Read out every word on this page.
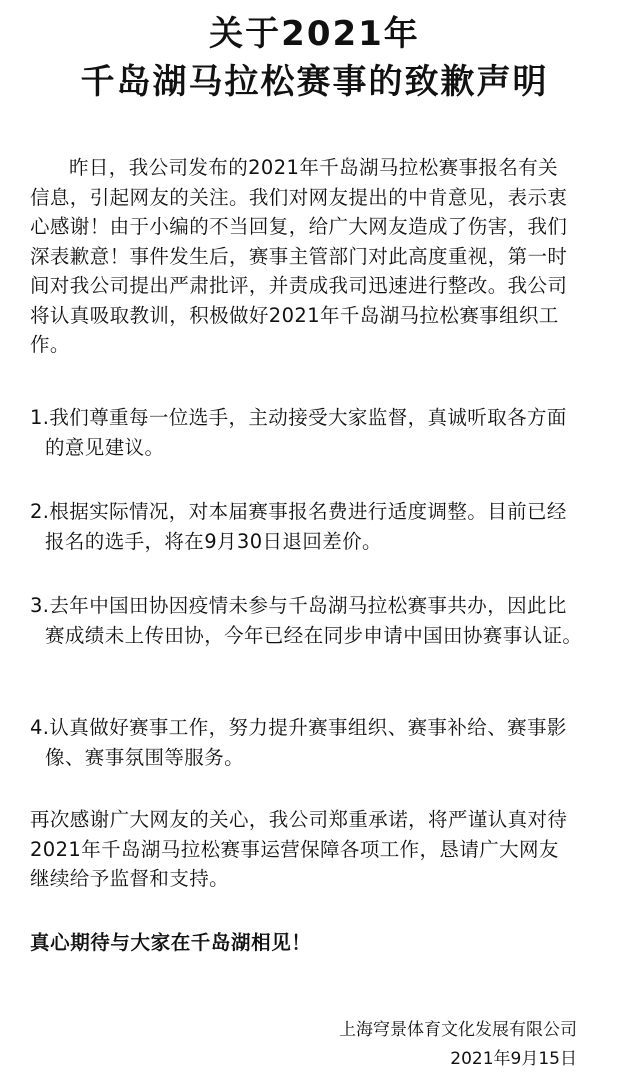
关于2021年
千岛湖马拉松赛事的致歉声明

昨日，我公司发布的2021年千岛湖马拉松赛事报名有关信息，引起网友的关注。我们对网友提出的中肯意见，表示衷心感谢！由于小编的不当回复，给广大网友造成了伤害，我们深表歉意！事件发生后，赛事主管部门对此高度重视，第一时间对我公司提出严肃批评，并责成我司迅速进行整改。我公司将认真吸取教训，积极做好2021年千岛湖马拉松赛事组织工作。

1.我们尊重每一位选手，主动接受大家监督，真诚听取各方面的意见建议。

2.根据实际情况，对本届赛事报名费进行适度调整。目前已经报名的选手，将在9月30日退回差价。

3.去年中国田协因疫情未参与千岛湖马拉松赛事共办，因此比赛成绩未上传田协，今年已经在同步申请中国田协赛事认证。

4.认真做好赛事工作，努力提升赛事组织、赛事补给、赛事影像、赛事氛围等服务。

再次感谢广大网友的关心，我公司郑重承诺，将严谨认真对待2021年千岛湖马拉松赛事运营保障各项工作，恳请广大网友继续给予监督和支持。

真心期待与大家在千岛湖相见！

上海穹景体育文化发展有限公司

2021年9月15日
